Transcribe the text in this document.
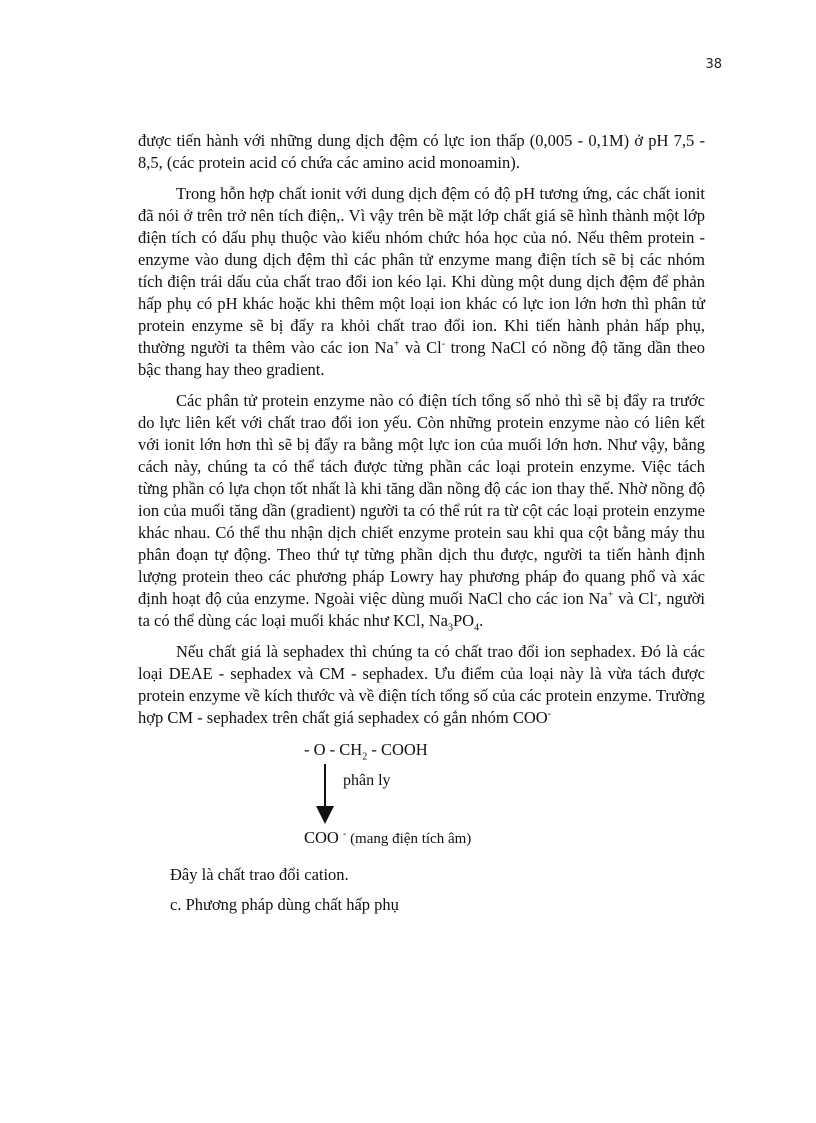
38

được tiến hành với những dung dịch đệm có lực ion thấp (0,005 - 0,1M) ở pH 7,5 - 8,5, (các protein acid có chứa các amino acid monoamin).

Trong hỗn hợp chất ionit với dung dịch đệm có độ pH tương ứng, các chất ionit đã nói ở trên trở nên tích điện,. Vì vậy trên bề mặt lớp chất giá sẽ hình thành một lớp điện tích có dấu phụ thuộc vào kiểu nhóm chức hóa học của nó. Nếu thêm protein - enzyme vào dung dịch đệm thì các phân tử enzyme mang điện tích sẽ bị các nhóm tích điện trái dấu của chất trao đổi ion kéo lại. Khi dùng một dung dịch đệm để phản hấp phụ có pH khác hoặc khi thêm một loại ion khác có lực ion lớn hơn thì phân tử protein enzyme sẽ bị đẩy ra khỏi chất trao đổi ion. Khi tiến hành phản hấp phụ, thường người ta thêm vào các ion Na+ và Cl- trong NaCl có nồng độ tăng dần theo bậc thang hay theo gradient.

Các phân tử protein enzyme nào có điện tích tổng số nhỏ thì sẽ bị đẩy ra trước do lực liên kết với chất trao đổi ion yếu. Còn những protein enzyme nào có liên kết với ionit lớn hơn thì sẽ bị đẩy ra bằng một lực ion của muối lớn hơn. Như vậy, bằng cách này, chúng ta có thể tách được từng phần các loại protein enzyme. Việc tách từng phần có lựa chọn tốt nhất là khi tăng dần nồng độ các ion thay thế. Nhờ nồng độ ion của muối tăng dần (gradient) người ta có thể rút ra từ cột các loại protein enzyme khác nhau. Có thể thu nhận dịch chiết enzyme protein sau khi qua cột bằng máy thu phân đoạn tự động. Theo thứ tự từng phần dịch thu được, người ta tiến hành định lượng protein theo các phương pháp Lowry hay phương pháp đo quang phổ và xác định hoạt độ của enzyme. Ngoài việc dùng muối NaCl cho các ion Na+ và Cl-, người ta có thể dùng các loại muối khác như KCl, $Na_3PO_4$.

Nếu chất giá là sephadex thì chúng ta có chất trao đổi ion sephadex. Đó là các loại DEAE - sephadex và CM - sephadex. Ưu điểm của loại này là vừa tách được protein enzyme về kích thước và về điện tích tổng số của các protein enzyme. Trường hợp CM - sephadex trên chất giá sephadex có gắn nhóm COO-

- O - $CH_2$ - COOH

phân ly

COO - (mang điện tích âm)

Đây là chất trao đổi cation.

c. Phương pháp dùng chất hấp phụ
